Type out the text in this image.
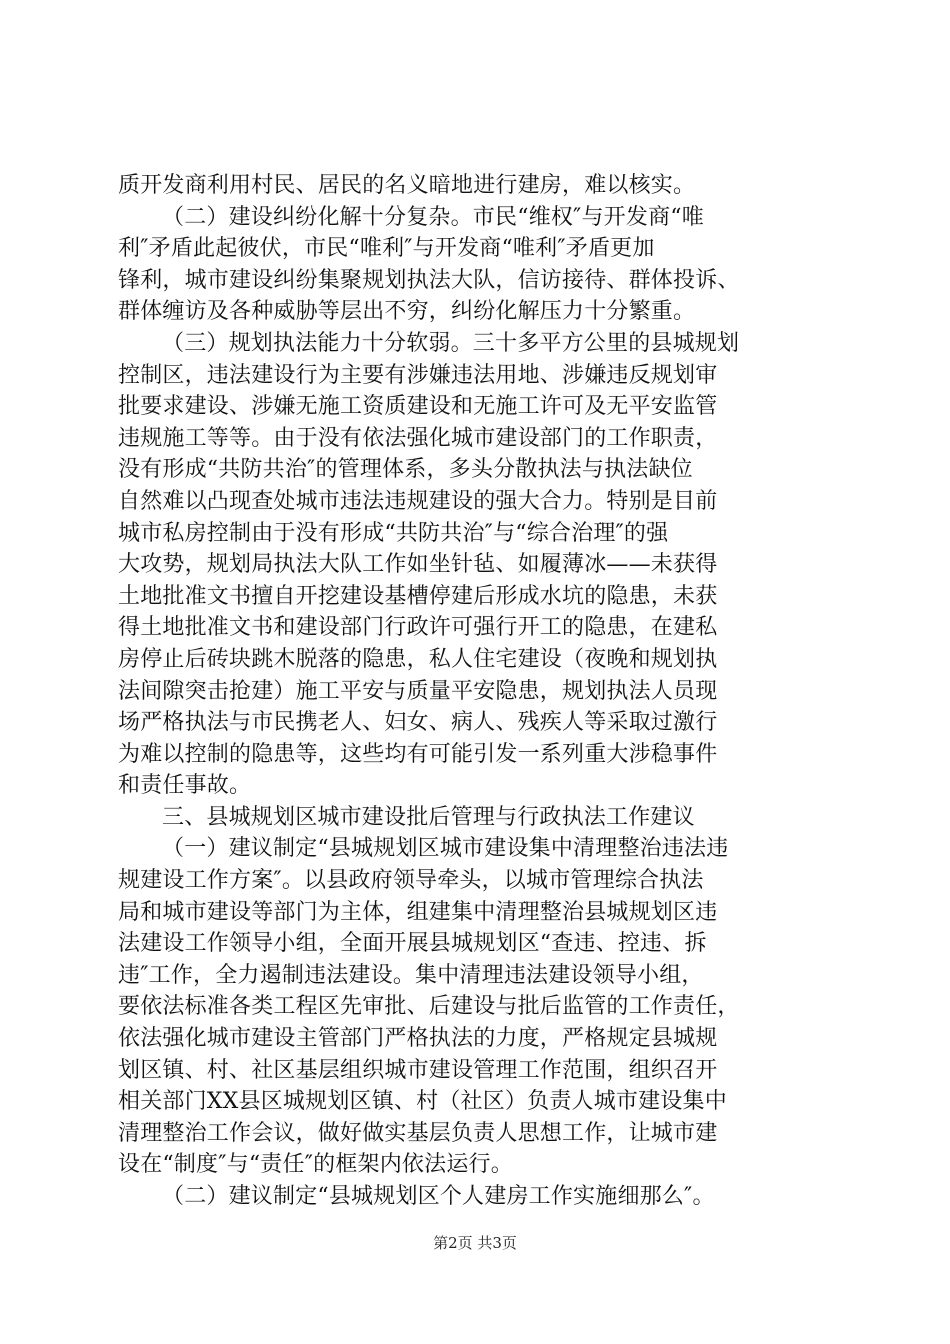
质开发商利用村民、居民的名义暗地进行建房，难以核实。
（二）建设纠纷化解十分复杂。市民“维权″与开发商“唯
利″矛盾此起彼伏，市民“唯利″与开发商“唯利″矛盾更加
锋利，城市建设纠纷集聚规划执法大队，信访接待、群体投诉、
群体缠访及各种威胁等层出不穷，纠纷化解压力十分繁重。
（三）规划执法能力十分软弱。三十多平方公里的县城规划
控制区，违法建设行为主要有涉嫌违法用地、涉嫌违反规划审
批要求建设、涉嫌无施工资质建设和无施工许可及无平安监管
违规施工等等。由于没有依法强化城市建设部门的工作职责，
没有形成“共防共治″的管理体系，多头分散执法与执法缺位
自然难以凸现查处城市违法违规建设的强大合力。特别是目前
城市私房控制由于没有形成“共防共治″与“综合治理″的强
大攻势，规划局执法大队工作如坐针毡、如履薄冰——未获得
土地批准文书擅自开挖建设基槽停建后形成水坑的隐患，未获
得土地批准文书和建设部门行政许可强行开工的隐患，在建私
房停止后砖块跳木脱落的隐患，私人住宅建设（夜晚和规划执
法间隙突击抢建）施工平安与质量平安隐患，规划执法人员现
场严格执法与市民携老人、妇女、病人、残疾人等采取过激行
为难以控制的隐患等，这些均有可能引发一系列重大涉稳事件
和责任事故。
三、县城规划区城市建设批后管理与行政执法工作建议
（一）建议制定“县城规划区城市建设集中清理整治违法违
规建设工作方案″。以县政府领导牵头，以城市管理综合执法
局和城市建设等部门为主体，组建集中清理整治县城规划区违
法建设工作领导小组，全面开展县城规划区“查违、控违、拆
违″工作，全力遏制违法建设。集中清理违法建设领导小组，
要依法标准各类工程区先审批、后建设与批后监管的工作责任，
依法强化城市建设主管部门严格执法的力度，严格规定县城规
划区镇、村、社区基层组织城市建设管理工作范围，组织召开
相关部门XX县区城规划区镇、村（社区）负责人城市建设集中
清理整治工作会议，做好做实基层负责人思想工作，让城市建
设在“制度″与“责任″的框架内依法运行。
（二）建议制定“县城规划区个人建房工作实施细那么″。
第2页 共3页
